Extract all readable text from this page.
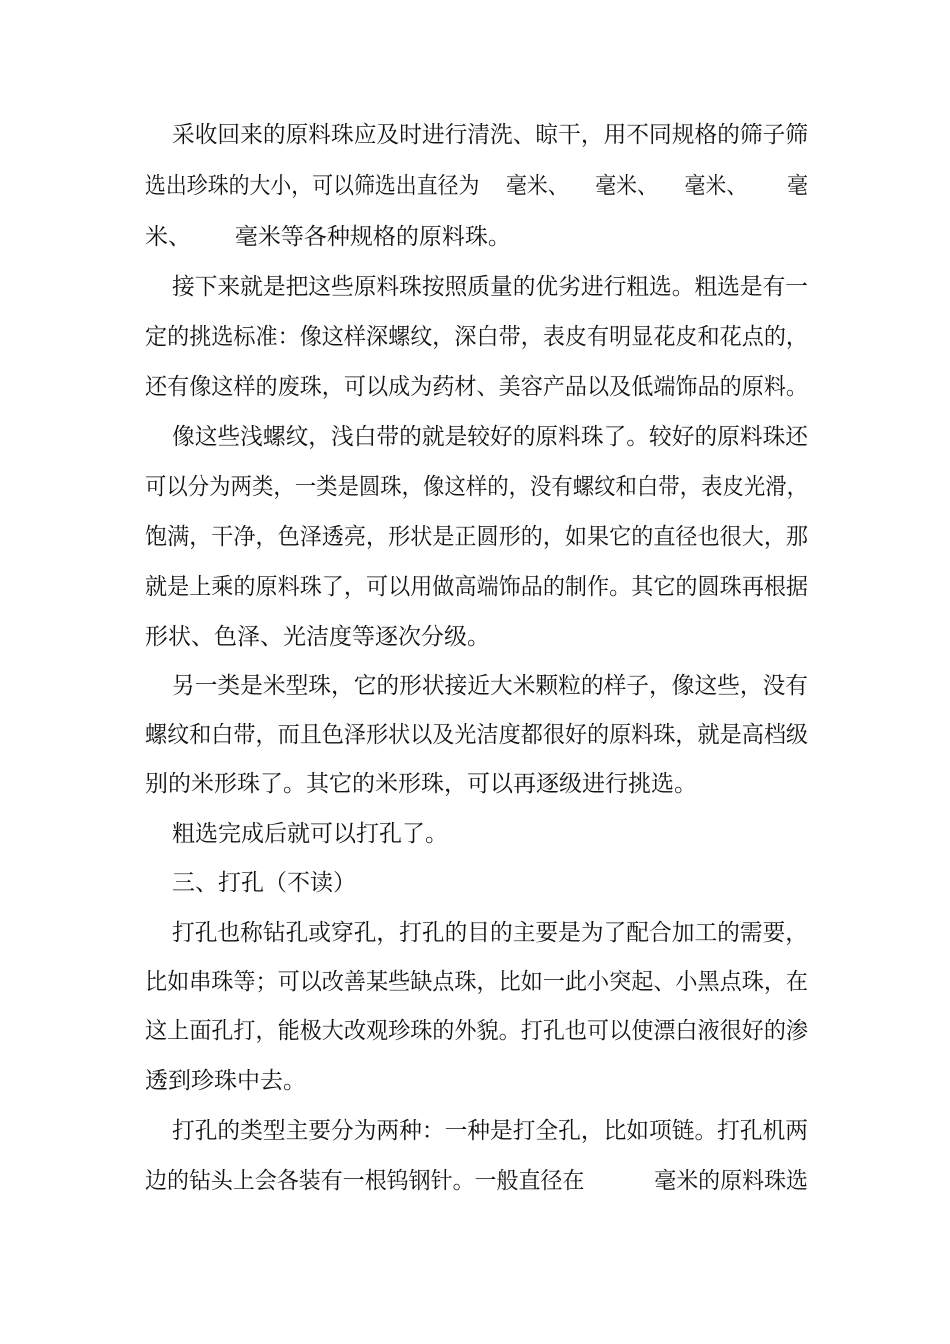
采收回来的原料珠应及时进行清洗、晾干，用不同规格的筛子筛

选出珍珠的大小，可以筛选出直径为    毫米、    毫米、    毫米、      毫

米、      毫米等各种规格的原料珠。

接下来就是把这些原料珠按照质量的优劣进行粗选。粗选是有一

定的挑选标准：像这样深螺纹，深白带，表皮有明显花皮和花点的，

还有像这样的废珠，可以成为药材、美容产品以及低端饰品的原料。

像这些浅螺纹，浅白带的就是较好的原料珠了。较好的原料珠还

可以分为两类，一类是圆珠，像这样的，没有螺纹和白带，表皮光滑，

饱满，干净，色泽透亮，形状是正圆形的，如果它的直径也很大，那

就是上乘的原料珠了，可以用做高端饰品的制作。其它的圆珠再根据

形状、色泽、光洁度等逐次分级。

另一类是米型珠，它的形状接近大米颗粒的样子，像这些，没有

螺纹和白带，而且色泽形状以及光洁度都很好的原料珠，就是高档级

别的米形珠了。其它的米形珠，可以再逐级进行挑选。

粗选完成后就可以打孔了。

三、打孔（不读）

打孔也称钻孔或穿孔，打孔的目的主要是为了配合加工的需要，

比如串珠等；可以改善某些缺点珠，比如一此小突起、小黑点珠，在

这上面孔打，能极大改观珍珠的外貌。打孔也可以使漂白液很好的渗

透到珍珠中去。

打孔的类型主要分为两种：一种是打全孔，比如项链。打孔机两

边的钻头上会各装有一根钨钢针。一般直径在          毫米的原料珠选
